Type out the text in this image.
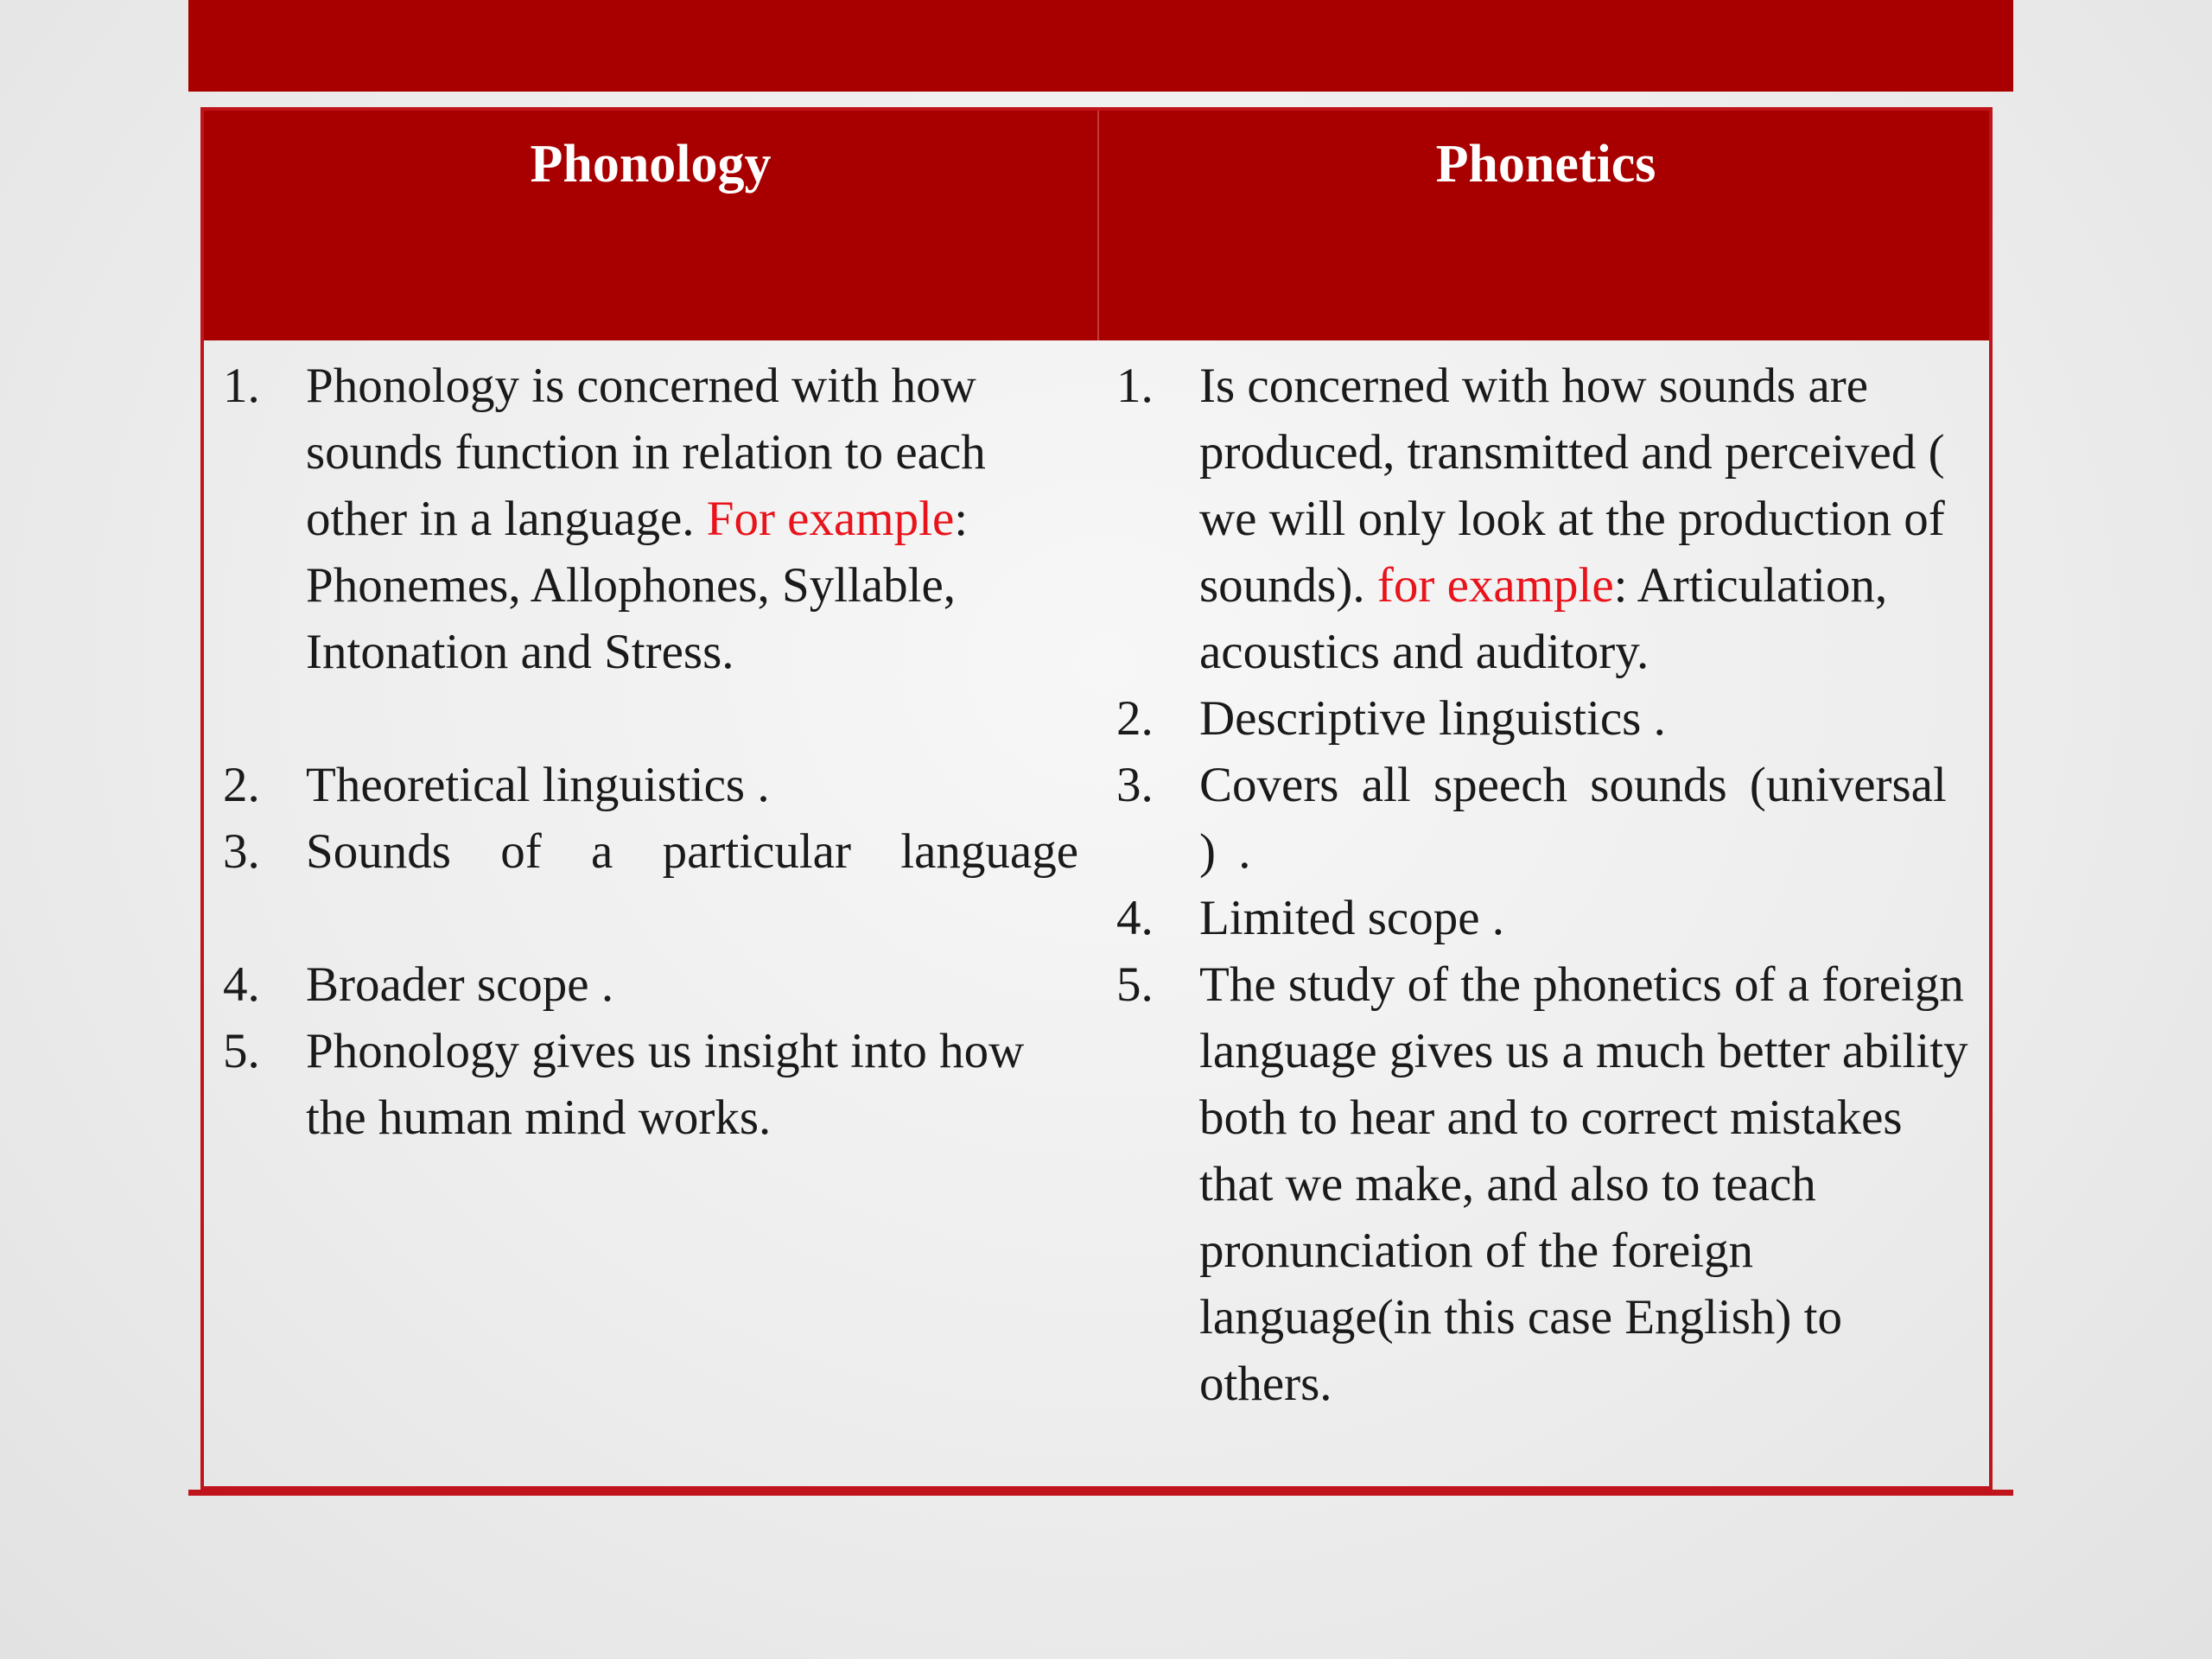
Phonology	Phonetics
1. Phonology is concerned with how sounds function in relation to each other in a language. For example: Phonemes, Allophones, Syllable, Intonation and Stress.
2. Theoretical linguistics .
3. Sounds of a particular language
4. Broader scope .
5. Phonology gives us insight into how the human mind works.
1. Is concerned with how sounds are produced, transmitted and perceived ( we will only look at the production of sounds). for example: Articulation, acoustics and auditory.
2. Descriptive linguistics .
3. Covers all speech sounds (universal ) .
4. Limited scope .
5. The study of the phonetics of a foreign language gives us a much better ability both to hear and to correct mistakes that we make, and also to teach pronunciation of the foreign language(in this case English) to others.
